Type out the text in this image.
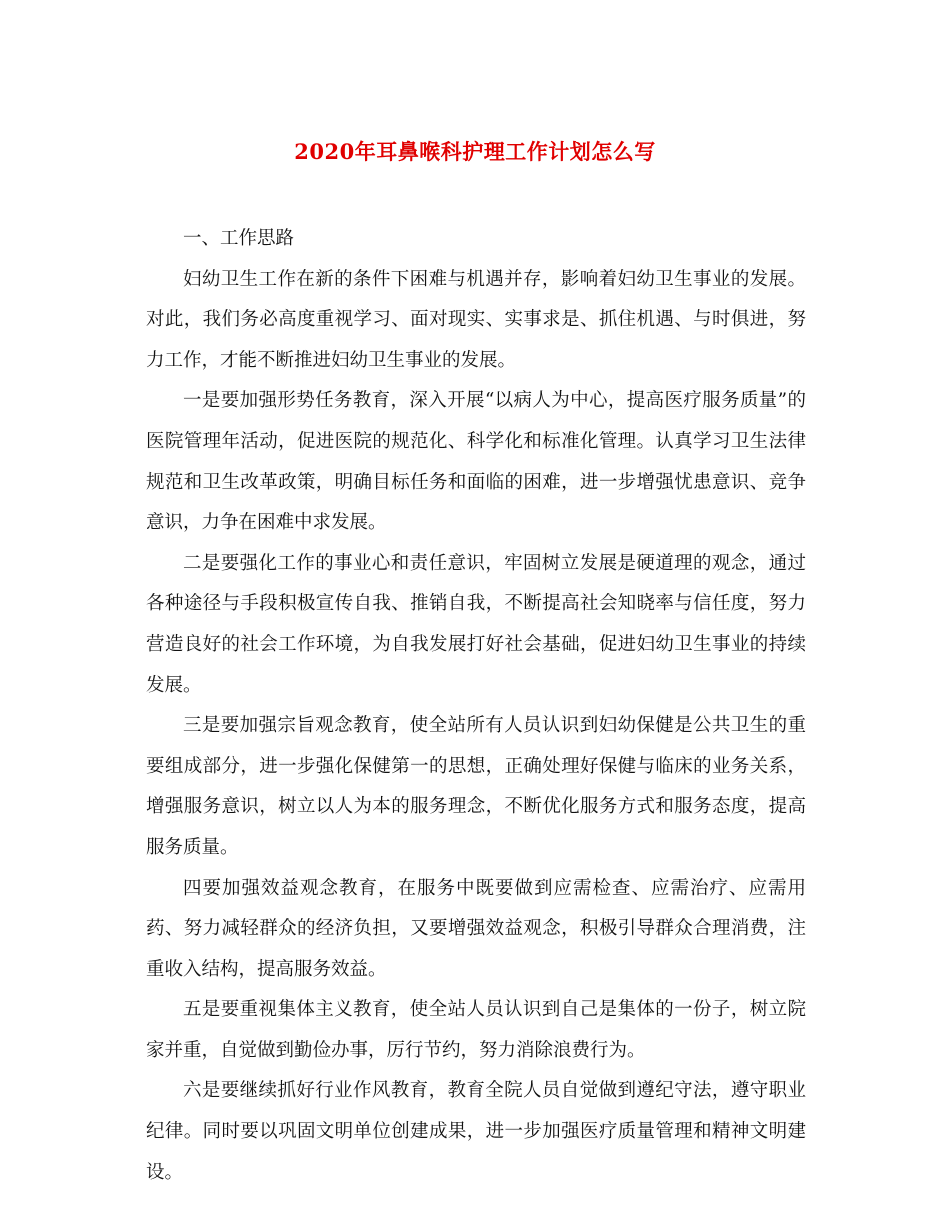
2020年耳鼻喉科护理工作计划怎么写

一、工作思路

妇幼卫生工作在新的条件下困难与机遇并存，影响着妇幼卫生事业的发展。对此，我们务必高度重视学习、面对现实、实事求是、抓住机遇、与时俱进，努力工作，才能不断推进妇幼卫生事业的发展。

一是要加强形势任务教育，深入开展“以病人为中心，提高医疗服务质量”的医院管理年活动，促进医院的规范化、科学化和标准化管理。认真学习卫生法律规范和卫生改革政策，明确目标任务和面临的困难，进一步增强忧患意识、竞争意识，力争在困难中求发展。

二是要强化工作的事业心和责任意识，牢固树立发展是硬道理的观念，通过各种途径与手段积极宣传自我、推销自我，不断提高社会知晓率与信任度，努力营造良好的社会工作环境，为自我发展打好社会基础，促进妇幼卫生事业的持续发展。

三是要加强宗旨观念教育，使全站所有人员认识到妇幼保健是公共卫生的重要组成部分，进一步强化保健第一的思想，正确处理好保健与临床的业务关系，增强服务意识，树立以人为本的服务理念，不断优化服务方式和服务态度，提高服务质量。

四要加强效益观念教育，在服务中既要做到应需检查、应需治疗、应需用药、努力减轻群众的经济负担，又要增强效益观念，积极引导群众合理消费，注重收入结构，提高服务效益。

五是要重视集体主义教育，使全站人员认识到自己是集体的一份子，树立院家并重，自觉做到勤俭办事，厉行节约，努力消除浪费行为。

六是要继续抓好行业作风教育，教育全院人员自觉做到遵纪守法，遵守职业纪律。同时要以巩固文明单位创建成果，进一步加强医疗质量管理和精神文明建设。
